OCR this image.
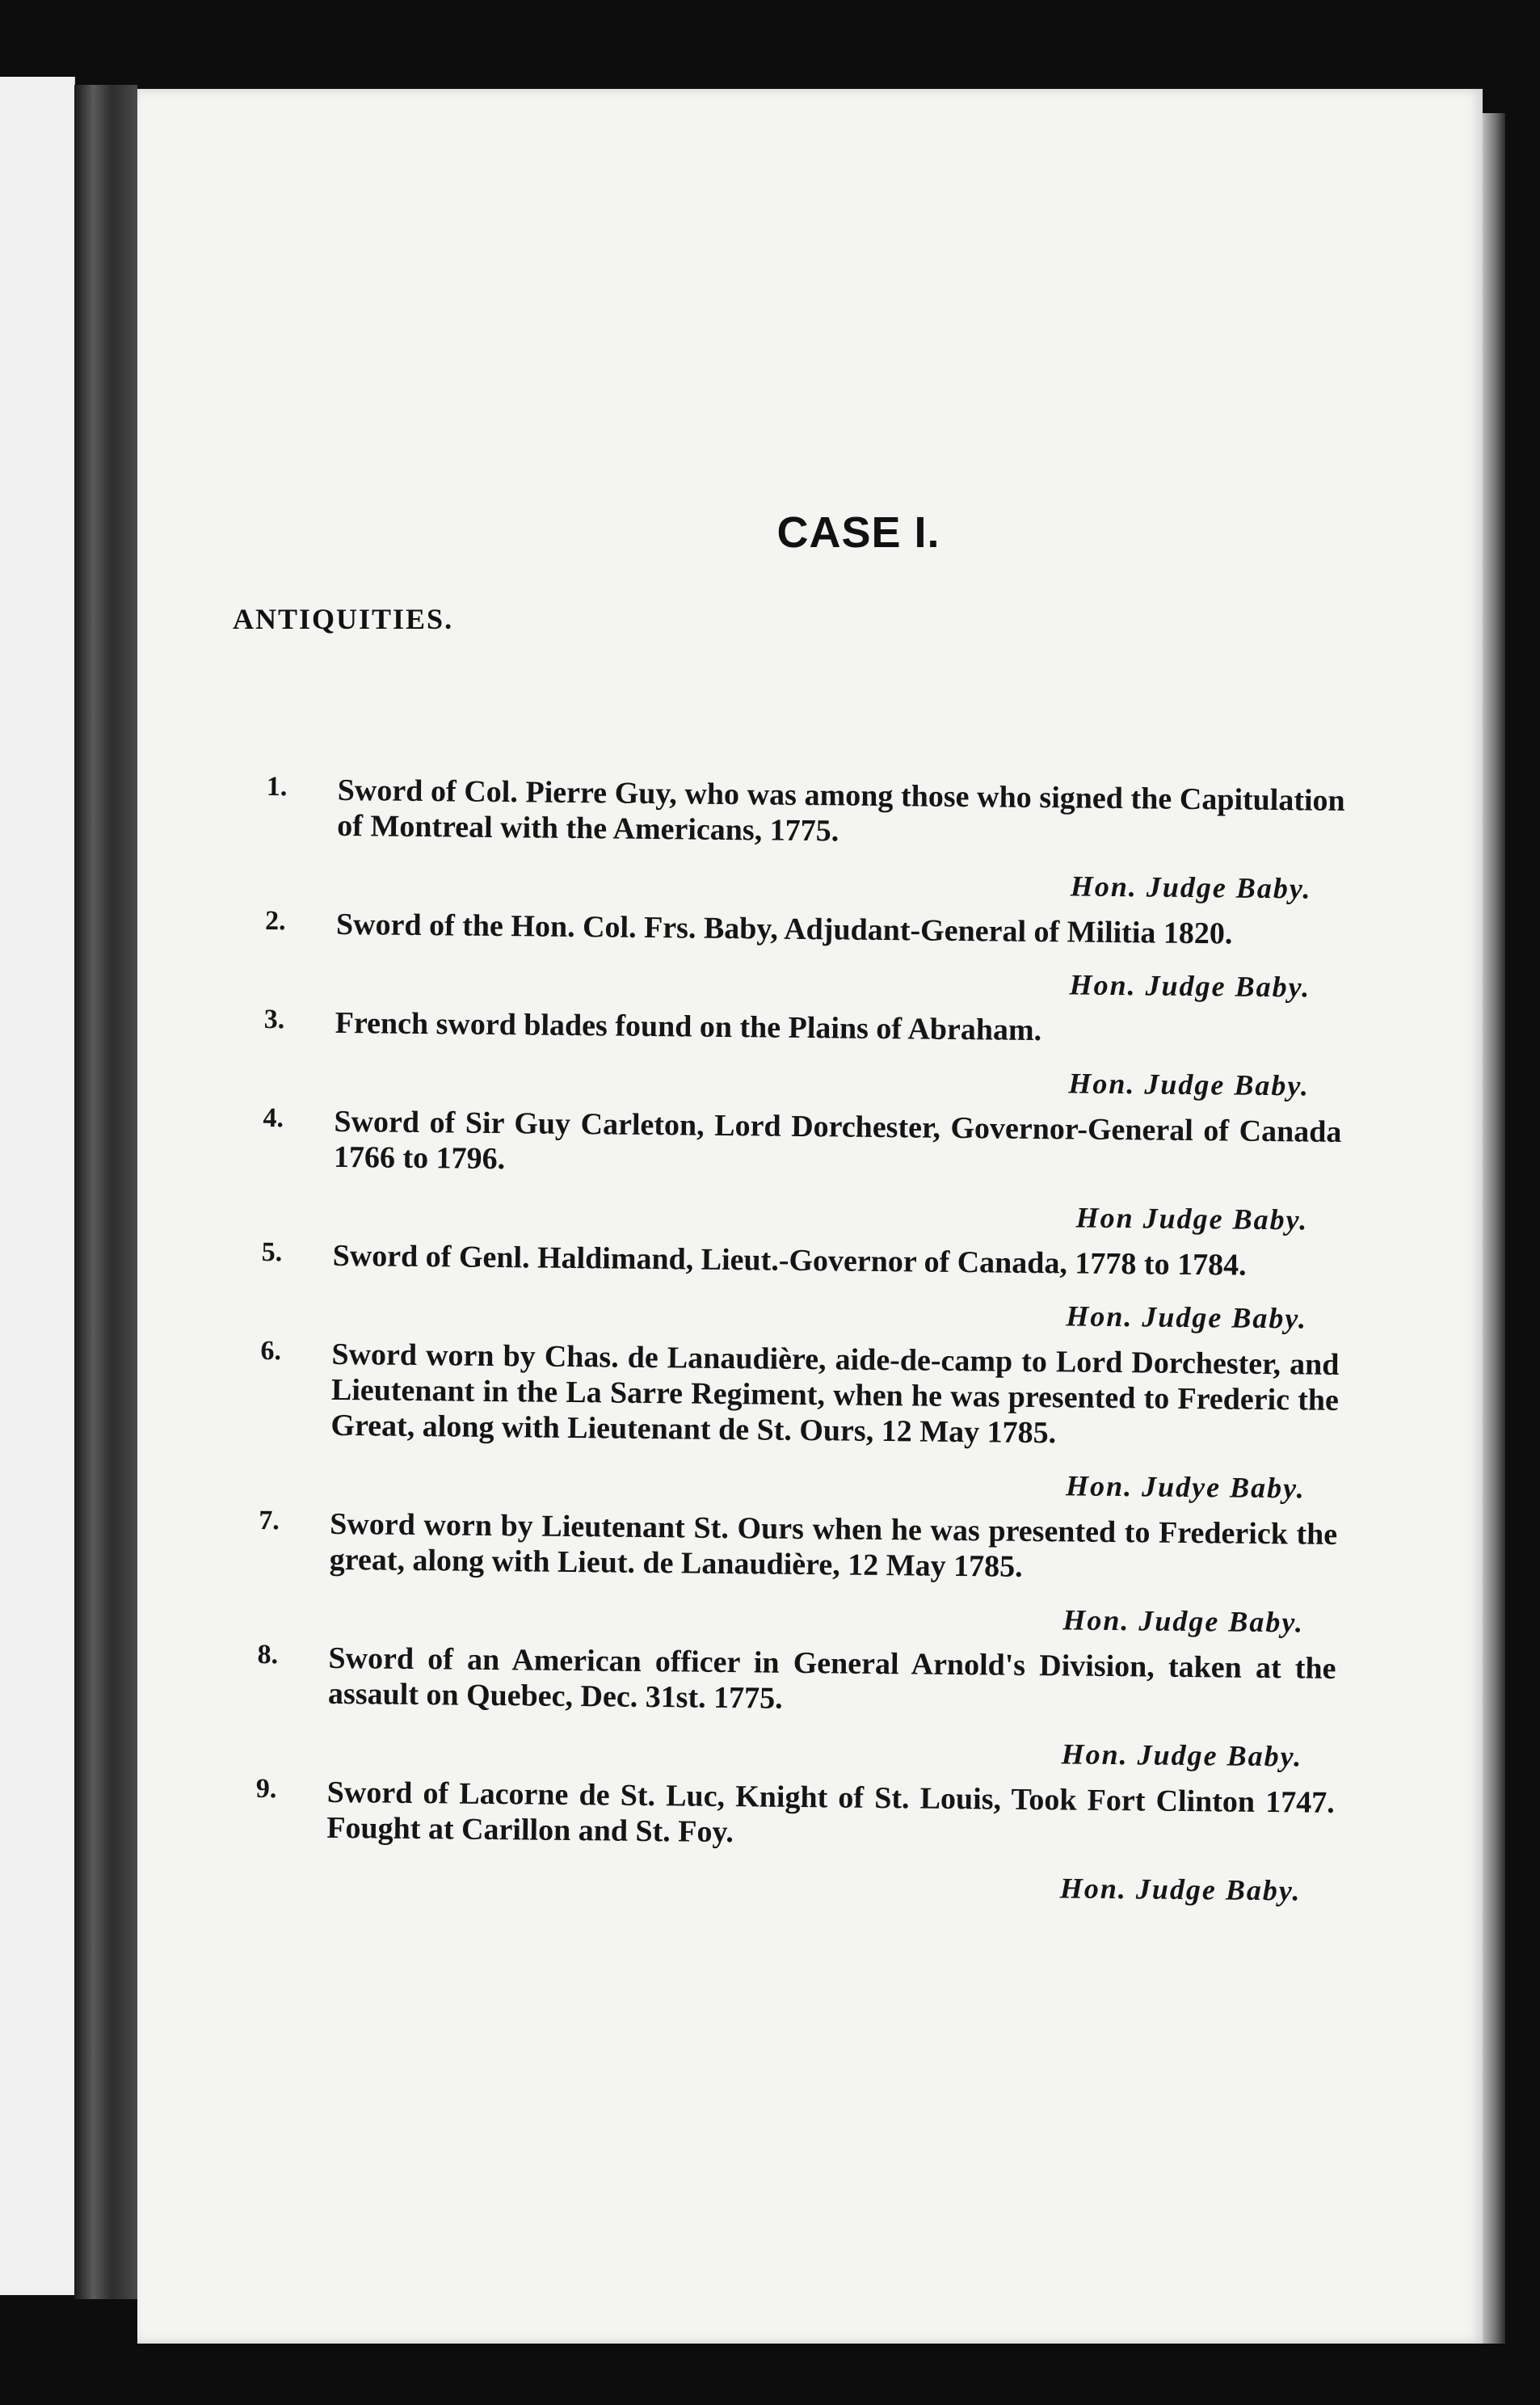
CASE I.
ANTIQUITIES.
1.	Sword of Col. Pierre Guy, who was among those who signed the Capitulation of Montreal with the Americans, 1775.
Hon. Judge Baby.
2.	Sword of the Hon. Col. Frs. Baby, Adjudant-General of Militia 1820.
Hon. Judge Baby.
3.	French sword blades found on the Plains of Abraham.
Hon. Judge Baby.
4.	Sword of Sir Guy Carleton, Lord Dorchester, Governor-General of Canada 1766 to 1796.
Hon Judge Baby.
5.	Sword of Genl. Haldimand, Lieut.-Governor of Canada, 1778 to 1784.
Hon. Judge Baby.
6.	Sword worn by Chas. de Lanaudière, aide-de-camp to Lord Dorchester, and Lieutenant in the La Sarre Regiment, when he was presented to Frederic the Great, along with Lieutenant de St. Ours, 12 May 1785.
Hon. Judye Baby.
7.	Sword worn by Lieutenant St. Ours when he was presented to Frederick the great, along with Lieut. de Lanaudière, 12 May 1785.
Hon. Judge Baby.
8.	Sword of an American officer in General Arnold's Division, taken at the assault on Quebec, Dec. 31st. 1775.
Hon. Judge Baby.
9.	Sword of Lacorne de St. Luc, Knight of St. Louis, Took Fort Clinton 1747. Fought at Carillon and St. Foy.
Hon. Judge Baby.
